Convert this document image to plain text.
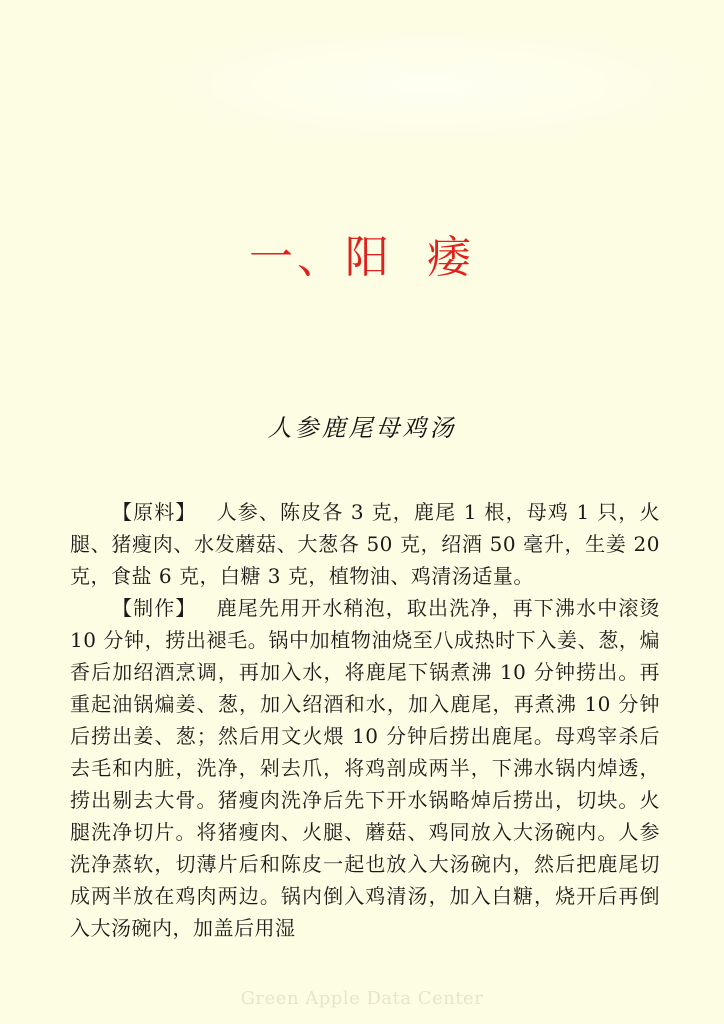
一、阳 痿
人参鹿尾母鸡汤

【原料】 人参、陈皮各 3 克，鹿尾 1 根，母鸡 1 只，火腿、猪瘦肉、水发蘑菇、大葱各 50 克，绍酒 50 毫升，生姜 20 克，食盐 6 克，白糖 3 克，植物油、鸡清汤适量。

【制作】 鹿尾先用开水稍泡，取出洗净，再下沸水中滚烫 10 分钟，捞出褪毛。锅中加植物油烧至八成热时下入姜、葱，煸香后加绍酒烹调，再加入水，将鹿尾下锅煮沸 10 分钟捞出。再重起油锅煸姜、葱，加入绍酒和水，加入鹿尾，再煮沸 10 分钟后捞出姜、葱；然后用文火煨 10 分钟后捞出鹿尾。母鸡宰杀后去毛和内脏，洗净，剁去爪，将鸡剖成两半，下沸水锅内焯透，捞出剔去大骨。猪瘦肉洗净后先下开水锅略焯后捞出，切块。火腿洗净切片。将猪瘦肉、火腿、蘑菇、鸡同放入大汤碗内。人参洗净蒸软，切薄片后和陈皮一起也放入大汤碗内，然后把鹿尾切成两半放在鸡肉两边。锅内倒入鸡清汤，加入白糖，烧开后再倒入大汤碗内，加盖后用湿

Green Apple Data Center
